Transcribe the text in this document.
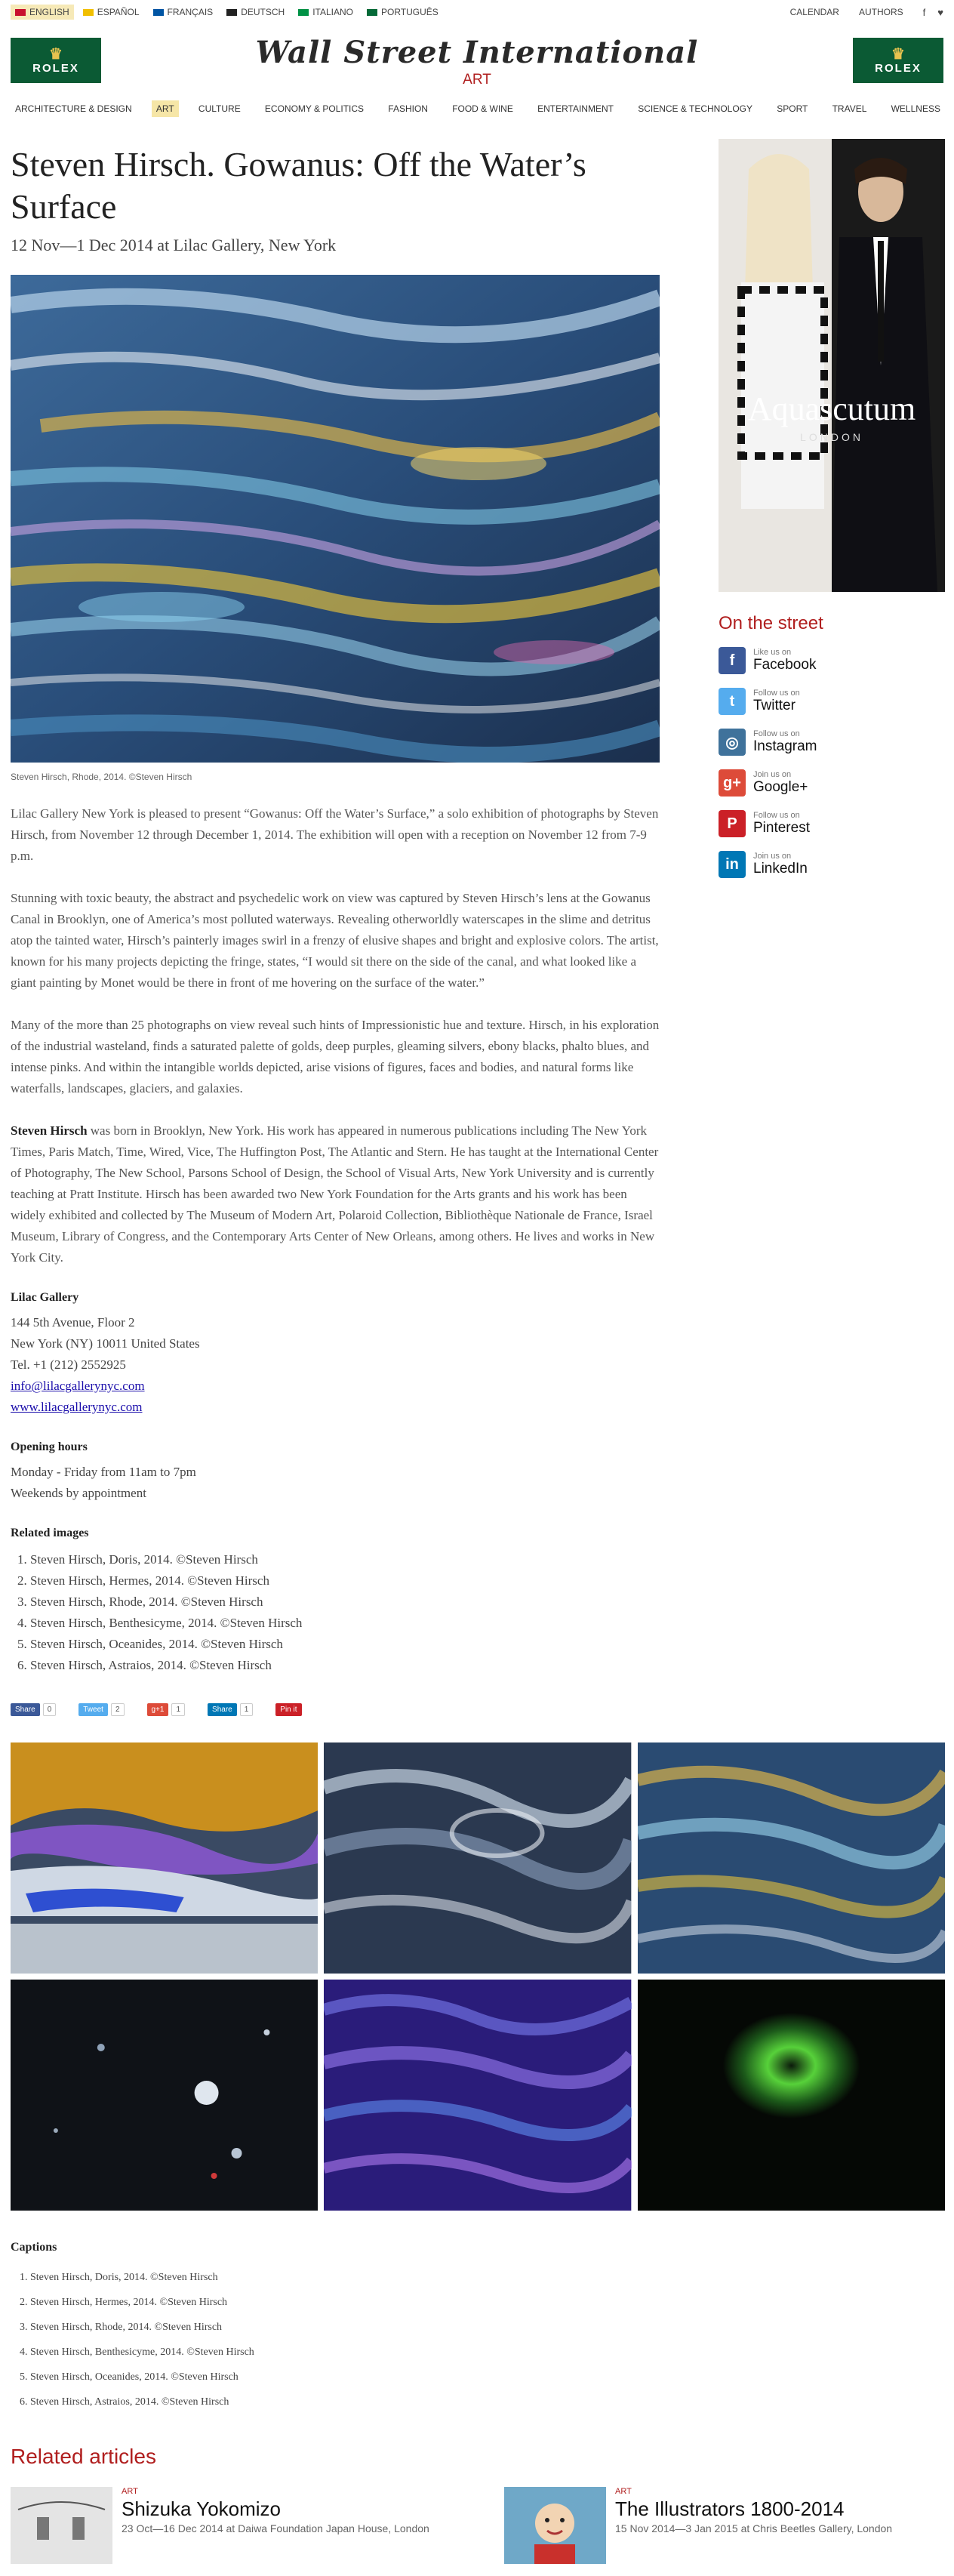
ENGLISH	ESPAÑOL	FRANÇAIS	DEUTSCH	ITALIANO	PORTUGUÊS	CALENDAR AUTHORS f ♥
♛
ROLEX	Wall Street International
ART
♛
ROLEX
ARCHITECTURE & DESIGN	ART	CULTURE	ECONOMY & POLITICS	FASHION	FOOD & WINE	ENTERTAINMENT	SCIENCE & TECHNOLOGY	SPORT	TRAVEL	WELLNESS
Steven Hirsch. Gowanus: Off the Water’s Surface
12 Nov—1 Dec 2014 at Lilac Gallery, New York
Steven Hirsch, Rhode, 2014. ©Steven Hirsch

Lilac Gallery New York is pleased to present “Gowanus: Off the Water’s Surface,” a solo exhibition of photographs by Steven Hirsch, from November 12 through December 1, 2014. The exhibition will open with a reception on November 12 from 7-9 p.m.

Stunning with toxic beauty, the abstract and psychedelic work on view was captured by Steven Hirsch’s lens at the Gowanus Canal in Brooklyn, one of America’s most polluted waterways. Revealing otherworldly waterscapes in the slime and detritus atop the tainted water, Hirsch’s painterly images swirl in a frenzy of elusive shapes and bright and explosive colors. The artist, known for his many projects depicting the fringe, states, “I would sit there on the side of the canal, and what looked like a giant painting by Monet would be there in front of me hovering on the surface of the water.”

Many of the more than 25 photographs on view reveal such hints of Impressionistic hue and texture. Hirsch, in his exploration of the industrial wasteland, finds a saturated palette of golds, deep purples, gleaming silvers, ebony blacks, phalto blues, and intense pinks. And within the intangible worlds depicted, arise visions of figures, faces and bodies, and natural forms like waterfalls, landscapes, glaciers, and galaxies.

Steven Hirsch was born in Brooklyn, New York. His work has appeared in numerous publications including The New York Times, Paris Match, Time, Wired, Vice, The Huffington Post, The Atlantic and Stern. He has taught at the International Center of Photography, The New School, Parsons School of Design, the School of Visual Arts, New York University and is currently teaching at Pratt Institute. Hirsch has been awarded two New York Foundation for the Arts grants and his work has been widely exhibited and collected by The Museum of Modern Art, Polaroid Collection, Bibliothèque Nationale de France, Israel Museum, Library of Congress, and the Contemporary Arts Center of New Orleans, among others. He lives and works in New York City.

Lilac Gallery
144 5th Avenue, Floor 2
New York (NY) 10011 United States
Tel. +1 (212) 2552925
info@lilacgallerynyc.com
www.lilacgallerynyc.com
Opening hours
Monday - Friday from 11am to 7pm
Weekends by appointment
Related images
1. Steven Hirsch, Doris, 2014. ©Steven Hirsch
2. Steven Hirsch, Hermes, 2014. ©Steven Hirsch
3. Steven Hirsch, Rhode, 2014. ©Steven Hirsch
4. Steven Hirsch, Benthesicyme, 2014. ©Steven Hirsch
5. Steven Hirsch, Oceanides, 2014. ©Steven Hirsch
6. Steven Hirsch, Astraios, 2014. ©Steven Hirsch
Share	0	Tweet	2	g+1	1	Share	1	Pin it
Captions
1. Steven Hirsch, Doris, 2014. ©Steven Hirsch
2. Steven Hirsch, Hermes, 2014. ©Steven Hirsch
3. Steven Hirsch, Rhode, 2014. ©Steven Hirsch
4. Steven Hirsch, Benthesicyme, 2014. ©Steven Hirsch
5. Steven Hirsch, Oceanides, 2014. ©Steven Hirsch
6. Steven Hirsch, Astraios, 2014. ©Steven Hirsch
Related articles
ART
Shizuka Yokomizo
23 Oct—16 Dec 2014 at Daiwa Foundation Japan House, London
ART
The Illustrators 1800-2014
15 Nov 2014—3 Jan 2015 at Chris Beetles Gallery, London
Aquascutum
LONDON
On the street
f	Like us on
Facebook
t	Follow us on
Twitter
◎
Follow us on
Instagram
g+	Join us on
Google+
P	Follow us on
Pinterest
in	Join us on
LinkedIn
